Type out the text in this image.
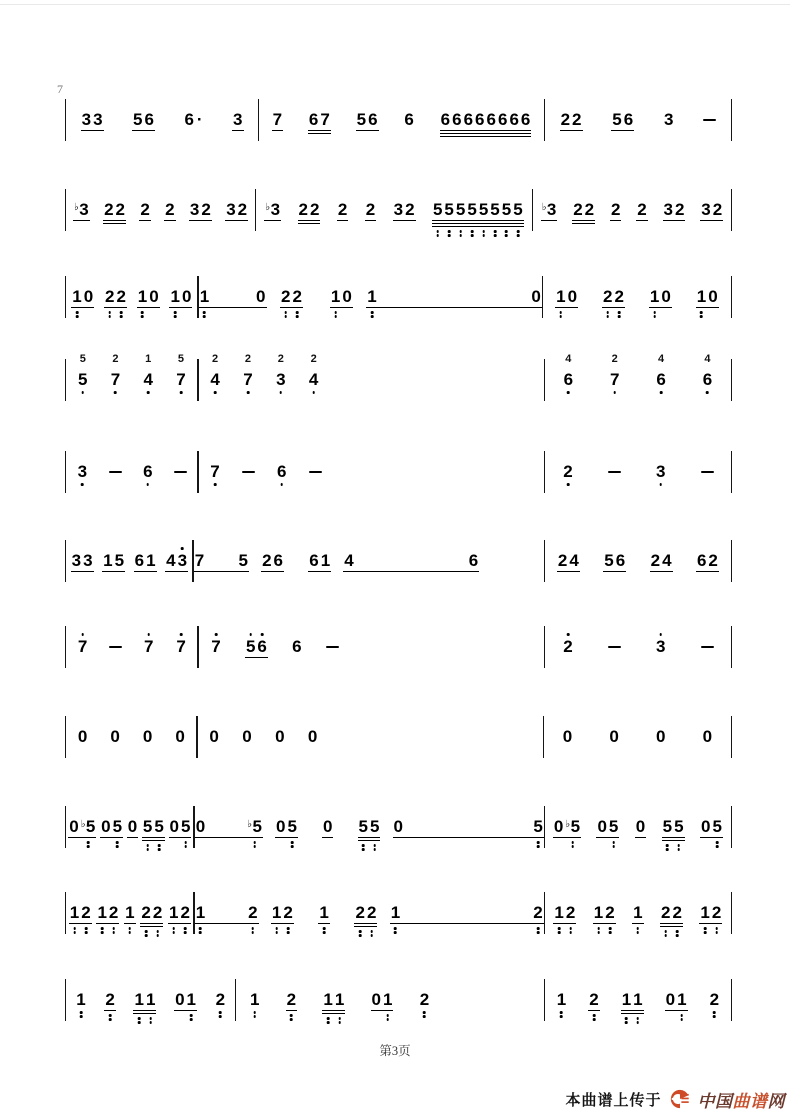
7
3 3 5 6 6 · 3 7 6 7 5 6 6 6 6 6 6 6 6 6 6 2 2 5 6 3
♭3 2 2 2 2 3 2 3 2 ♭3 2 2 2 2 3 2 5 5 5 5 5 5 5 5 ♭3 2 2 2 2 3 2 3 2
1 0 2 2 1 0 1 0 1	0 2 2 1 0 1	0 1 0 2 2 1 0 1 0
5
5
7
2
4
1
7
5
4
2
7
2
3
2
4
2
6
4
7
2
6
4
6
4
3	6	7	6	2	3
3 3 1 5 6 1 4 3 7 5 2 6 6 1 4	6	2 4 5 6 2 4 6 2
7	7 7 7 5 6 6	2	3
0 0 0 0 0 0 0 0	0 0 0 0
0 ♭5 0 5 0 5 5 0 5 0	♭5 0 5 0 5 5 0	5 0 ♭5 0 5 0 5 5 0 5
1 2 1 2 1 2 2 1 2 1	2 1 2 1 2 2 1	2 1 2 1 2 1 2 2 1 2
1 2 1 1 0 1 2 1 2 1 1 0 1 2	1 2 1 1 0 1 2
第3页
本曲谱上传于 中国曲谱网
